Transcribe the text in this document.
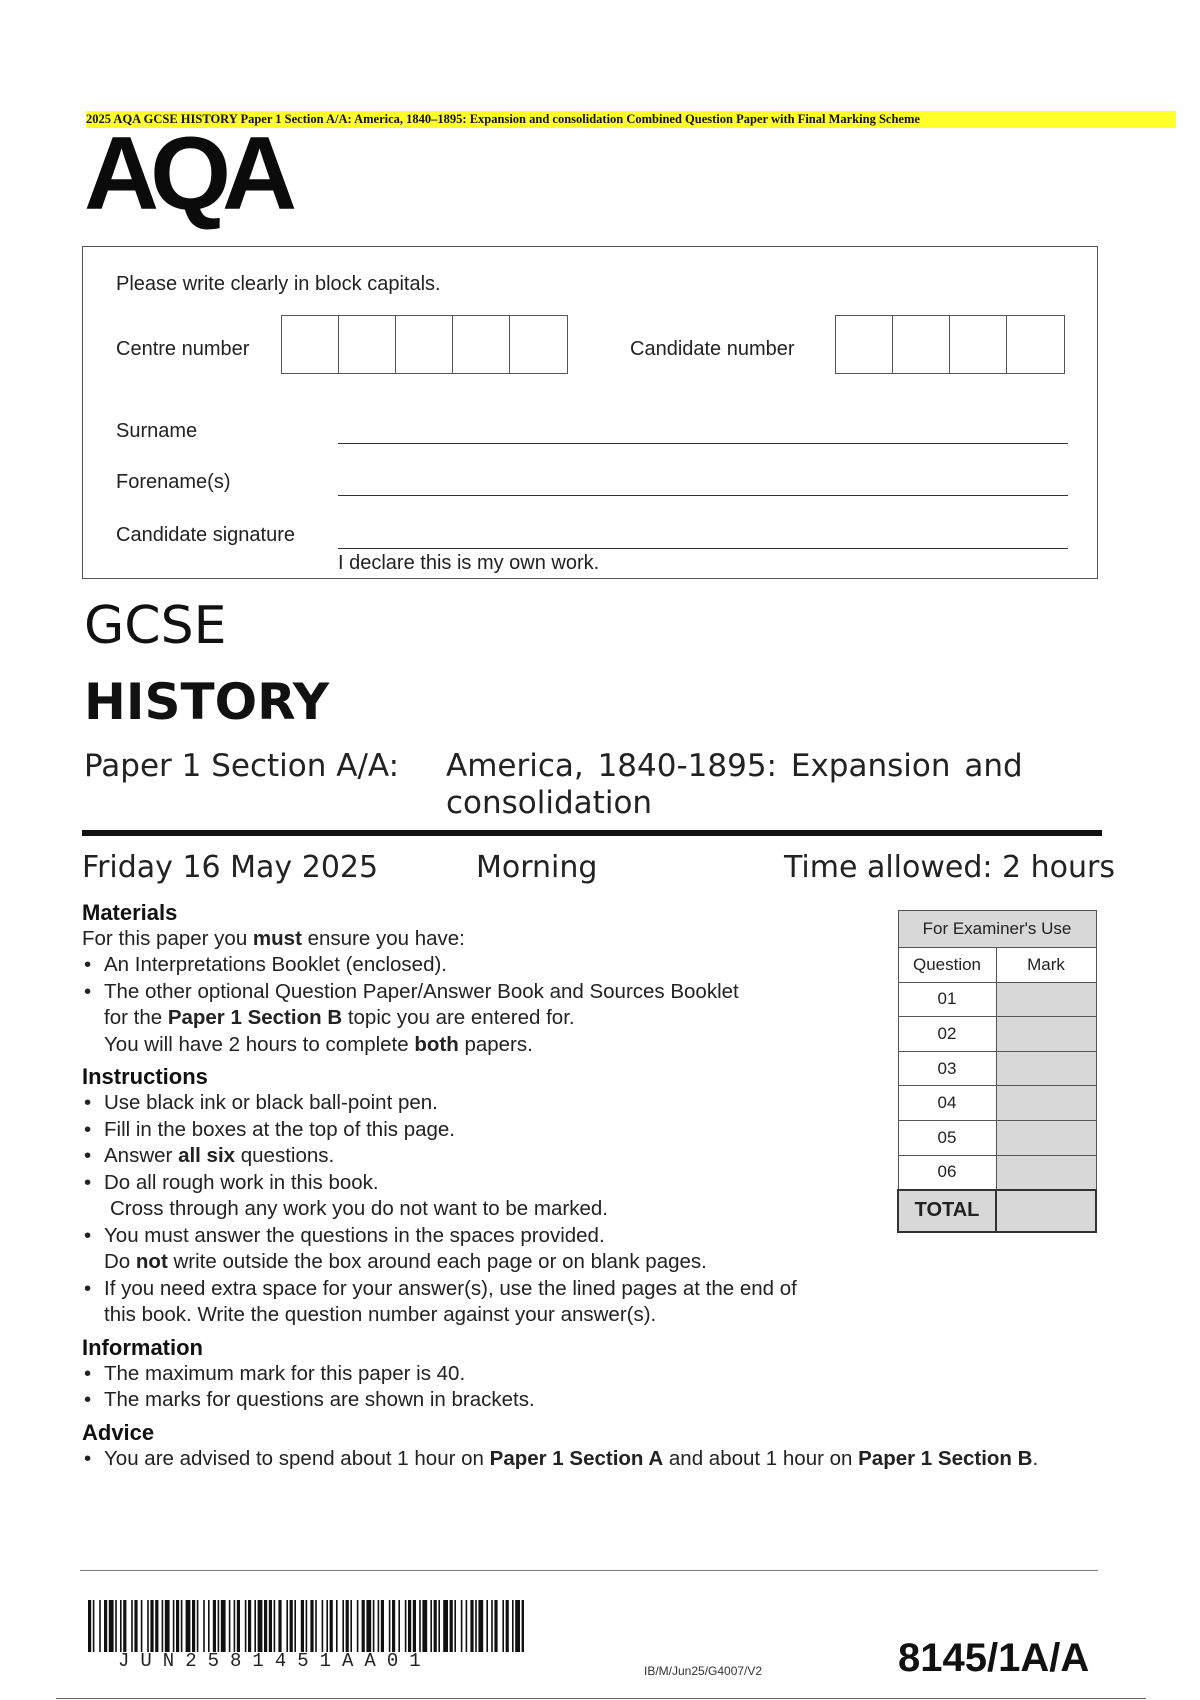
2025 AQA GCSE HISTORY Paper 1 Section A/A: America, 1840–1895: Expansion and consolidation Combined Question Paper with Final Marking Scheme
AQA
Please write clearly in block capitals.
Centre number	Candidate number
Surname
Forename(s)
Candidate signature
I declare this is my own work.
GCSE
HISTORY
Paper 1 Section A/A: America, 1840-1895: Expansion and consolidation
Friday 16 May 2025	Morning	Time allowed: 2 hours
Materials

For this paper you must ensure you have:

• An Interpretations Booklet (enclosed).
• The other optional Question Paper/Answer Book and Sources Booklet
for the Paper 1 Section B topic you are entered for.
You will have 2 hours to complete both papers.
Instructions
• Use black ink or black ball-point pen.
• Fill in the boxes at the top of this page.
• Answer all six questions.
• Do all rough work in this book.
Cross through any work you do not want to be marked.
• You must answer the questions in the spaces provided.
Do not write outside the box around each page or on blank pages.
• If you need extra space for your answer(s), use the lined pages at the end of
this book. Write the question number against your answer(s).
Information
• The maximum mark for this paper is 40.
• The marks for questions are shown in brackets.
Advice
• You are advised to spend about 1 hour on Paper 1 Section A and about 1 hour on Paper 1 Section B.
For Examiner's Use	
Question	Mark
01	
02	
03	
04	
05	
06	
TOTAL	
JUN2581451AA01	IB/M/Jun25/G4007/V2	8145/1A/A
